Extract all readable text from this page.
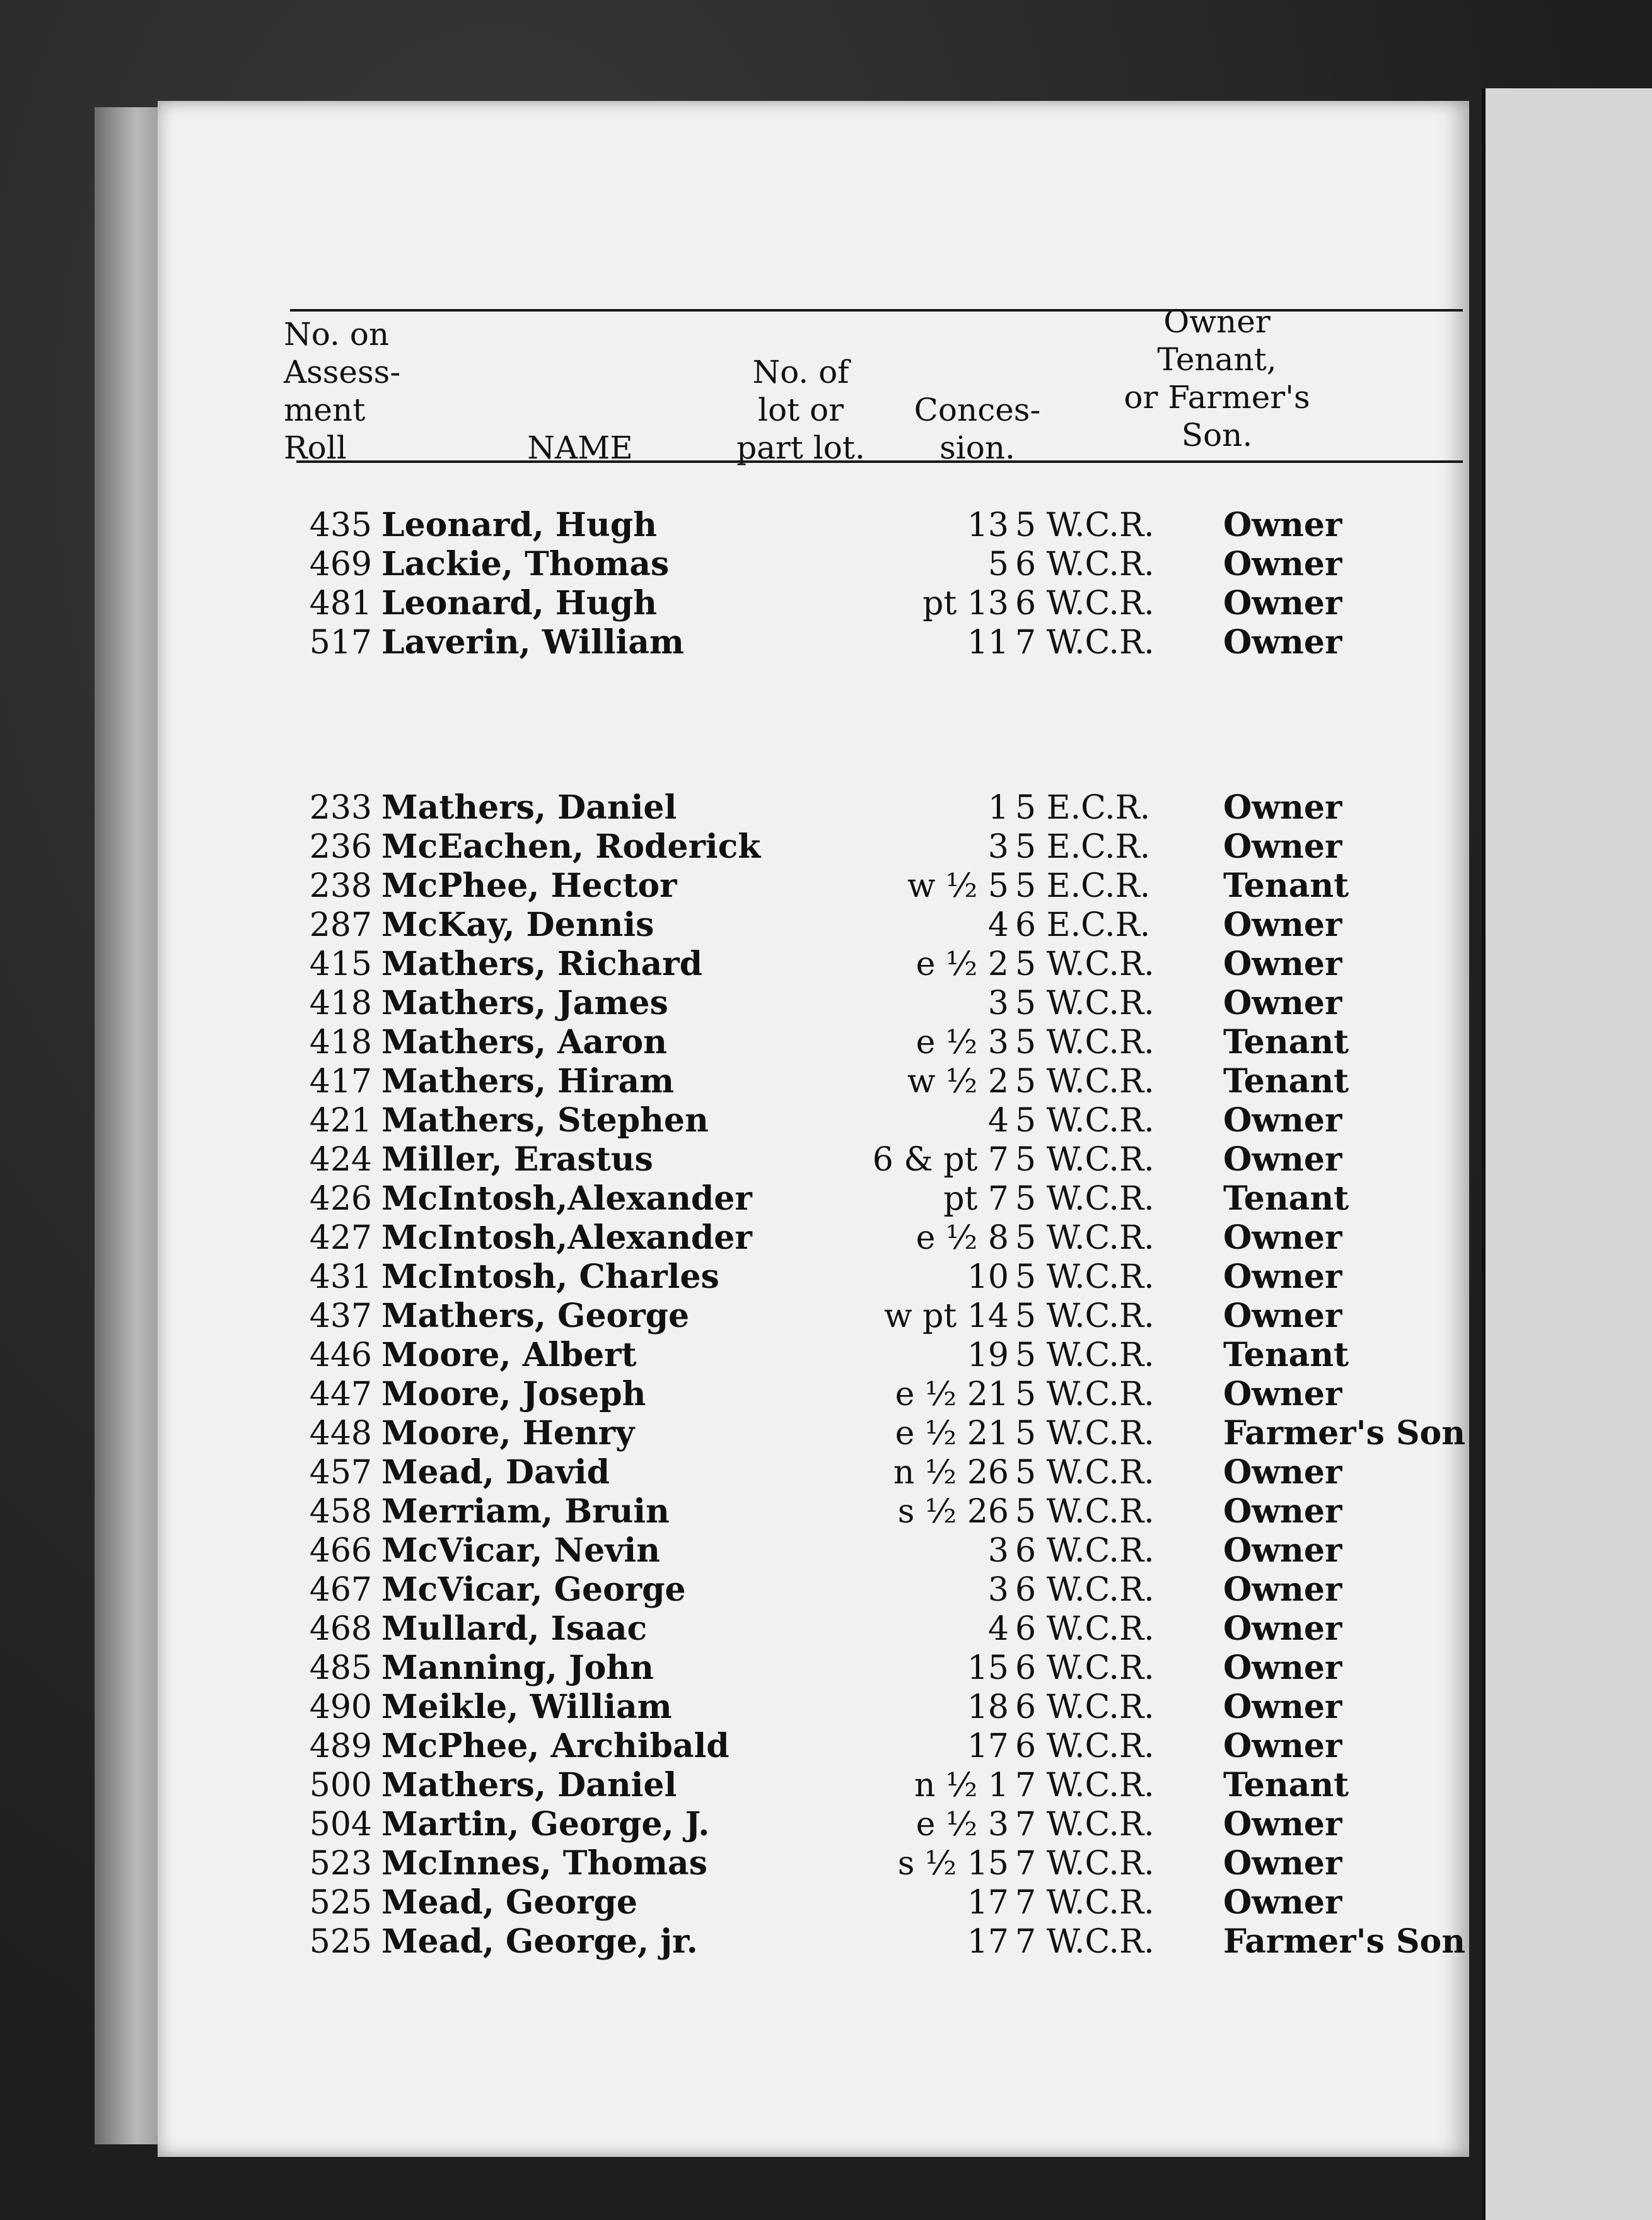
No. on
Assess-
ment
Roll	NAME
No. of
lot or
part lot.
Conces-
sion.
Owner
Tenant,
or Farmer's
Son.
435 Leonard, Hugh	13 5 W.C.R.	Owner
469 Lackie, Thomas	5 6 W.C.R.	Owner
481 Leonard, Hugh	pt 13 6 W.C.R.	Owner
517 Laverin, William	11 7 W.C.R.	Owner
233 Mathers, Daniel	1 5 E.C.R.	Owner
236 McEachen, Roderick	3 5 E.C.R.	Owner
238 McPhee, Hector	w ½ 5 5 E.C.R.	Tenant
287 McKay, Dennis	4 6 E.C.R.	Owner
415 Mathers, Richard	e ½ 2 5 W.C.R.	Owner
418 Mathers, James	3 5 W.C.R.	Owner
418 Mathers, Aaron	e ½ 3 5 W.C.R.	Tenant
417 Mathers, Hiram	w ½ 2 5 W.C.R.	Tenant
421 Mathers, Stephen	4 5 W.C.R.	Owner
424 Miller, Erastus	6 & pt 7 5 W.C.R.	Owner
426 McIntosh,Alexander	pt 7 5 W.C.R.	Tenant
427 McIntosh,Alexander	e ½ 8 5 W.C.R.	Owner
431 McIntosh, Charles	10 5 W.C.R.	Owner
437 Mathers, George	w pt 14 5 W.C.R.	Owner
446 Moore, Albert	19 5 W.C.R.	Tenant
447 Moore, Joseph	e ½ 21 5 W.C.R.	Owner
448 Moore, Henry	e ½ 21 5 W.C.R.	Farmer's Son
457 Mead, David	n ½ 26 5 W.C.R.	Owner
458 Merriam, Bruin	s ½ 26 5 W.C.R.	Owner
466 McVicar, Nevin	3 6 W.C.R.	Owner
467 McVicar, George	3 6 W.C.R.	Owner
468 Mullard, Isaac	4 6 W.C.R.	Owner
485 Manning, John	15 6 W.C.R.	Owner
490 Meikle, William	18 6 W.C.R.	Owner
489 McPhee, Archibald	17 6 W.C.R.	Owner
500 Mathers, Daniel	n ½ 1 7 W.C.R.	Tenant
504 Martin, George, J.	e ½ 3 7 W.C.R.	Owner
523 McInnes, Thomas	s ½ 15 7 W.C.R.	Owner
525 Mead, George	17 7 W.C.R.	Owner
525 Mead, George, jr.	17 7 W.C.R.	Farmer's Son
